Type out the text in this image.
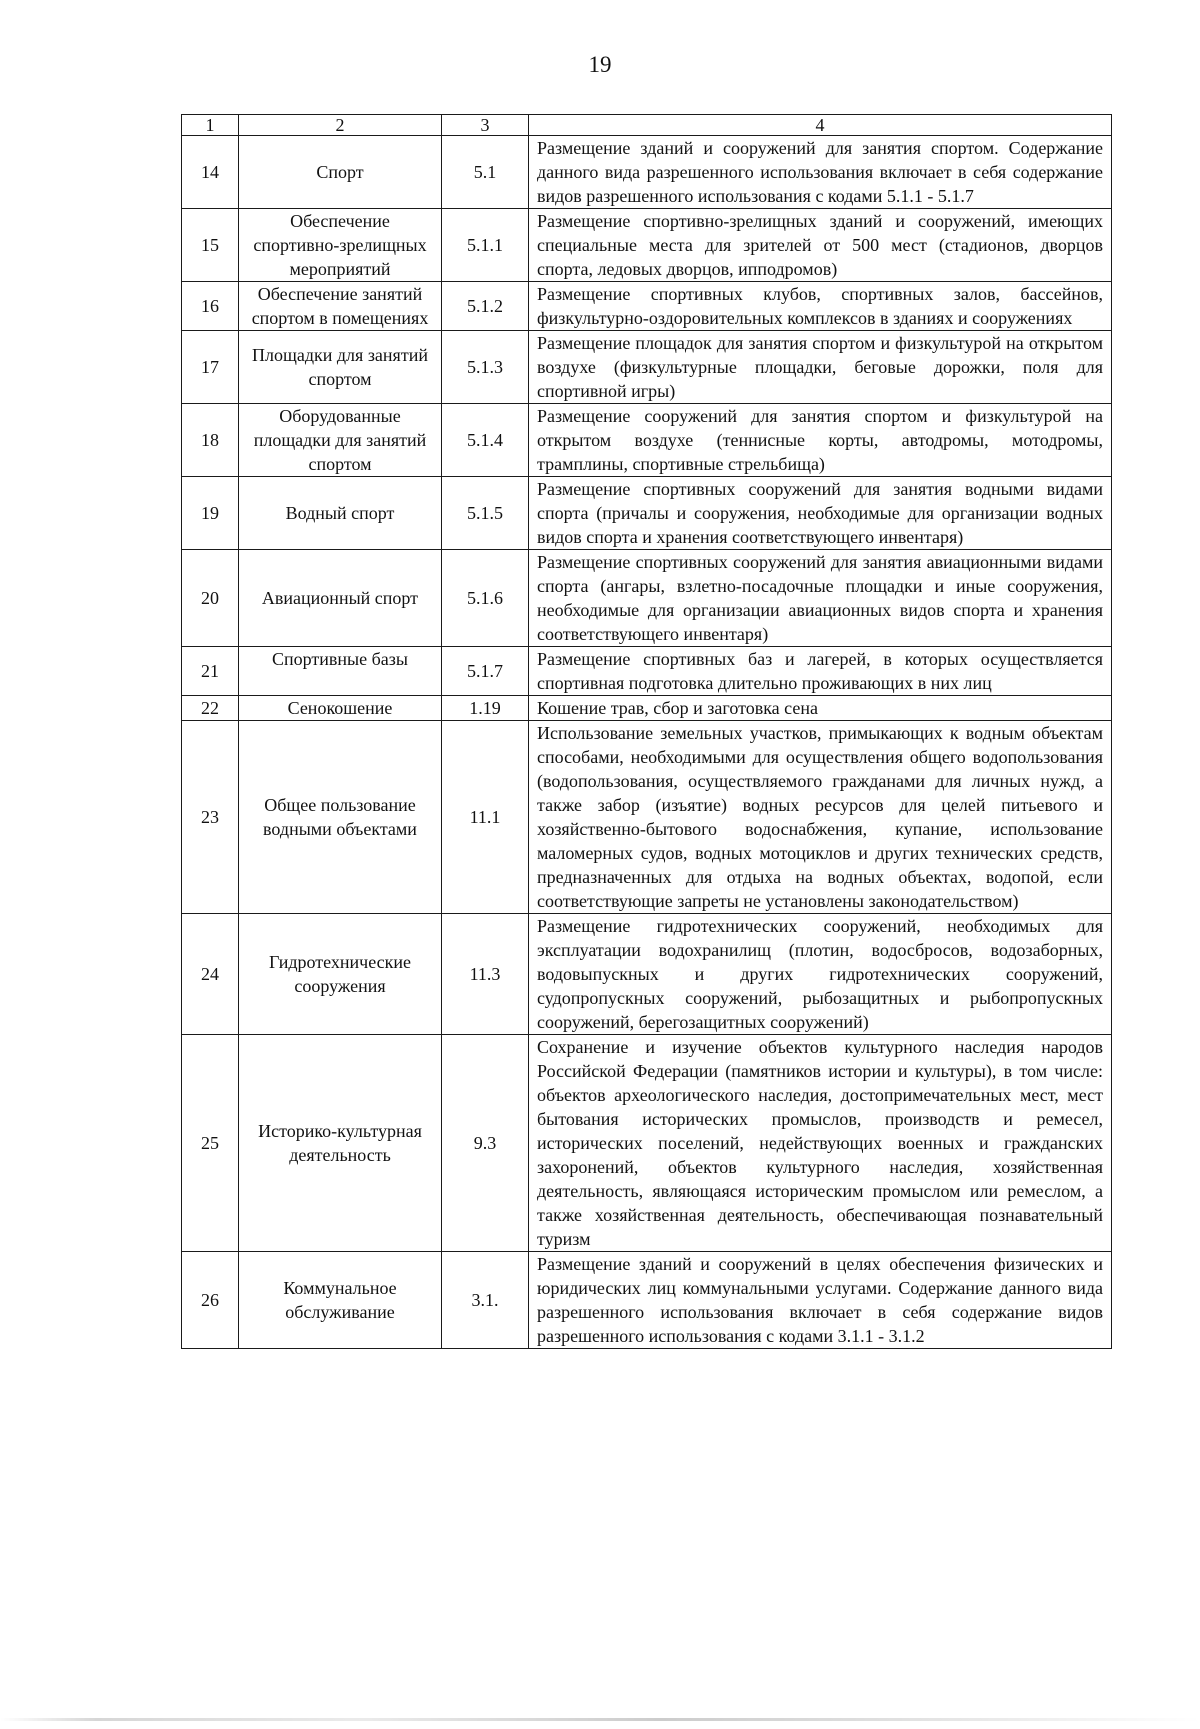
19
1	2	3	4
14	Спорт	5.1	Размещение зданий и сооружений для занятия спортом. Содержание данного вида разрешенного использования включает в себя содержание видов разрешенного использования с кодами 5.1.1 - 5.1.7
15	Обеспечение спортивно-зрелищных мероприятий	5.1.1	Размещение спортивно-зрелищных зданий и сооружений, имеющих специальные места для зрителей от 500 мест (стадионов, дворцов спорта, ледовых дворцов, ипподромов)
16	Обеспечение занятий спортом в помещениях	5.1.2	Размещение спортивных клубов, спортивных залов, бассейнов, физкультурно-оздоровительных комплексов в зданиях и сооружениях
17	Площадки для занятий спортом	5.1.3	Размещение площадок для занятия спортом и физкультурой на открытом воздухе (физкультурные площадки, беговые дорожки, поля для спортивной игры)
18	Оборудованные площадки для занятий спортом	5.1.4	Размещение сооружений для занятия спортом и физкультурой на открытом воздухе (теннисные корты, автодромы, мотодромы, трамплины, спортивные стрельбища)
19	Водный спорт	5.1.5	Размещение спортивных сооружений для занятия водными видами спорта (причалы и сооружения, необходимые для организации водных видов спорта и хранения соответствующего инвентаря)
20	Авиационный спорт	5.1.6	Размещение спортивных сооружений для занятия авиационными видами спорта (ангары, взлетно-посадочные площадки и иные сооружения, необходимые для организации авиационных видов спорта и хранения соответствующего инвентаря)
21	Спортивные базы	5.1.7	Размещение спортивных баз и лагерей, в которых осуществляется спортивная подготовка длительно проживающих в них лиц
22	Сенокошение	1.19	Кошение трав, сбор и заготовка сена
23	Общее пользование водными объектами	11.1	Использование земельных участков, примыкающих к водным объектам способами, необходимыми для осуществления общего водопользования (водопользования, осуществляемого гражданами для личных нужд, а также забор (изъятие) водных ресурсов для целей питьевого и хозяйственно-бытового водоснабжения, купание, использование маломерных судов, водных мотоциклов и других технических средств, предназначенных для отдыха на водных объектах, водопой, если соответствующие запреты не установлены законодательством)
24	Гидротехнические сооружения	11.3	Размещение гидротехнических сооружений, необходимых для эксплуатации водохранилищ (плотин, водосбросов, водозаборных, водовыпускных и других гидротехнических сооружений, судопропускных сооружений, рыбозащитных и рыбопропускных сооружений, берегозащитных сооружений)
25	Историко-культурная деятельность	9.3	Сохранение и изучение объектов культурного наследия народов Российской Федерации (памятников истории и культуры), в том числе: объектов археологического наследия, достопримечательных мест, мест бытования исторических промыслов, производств и ремесел, исторических поселений, недействующих военных и гражданских захоронений, объектов культурного наследия, хозяйственная деятельность, являющаяся историческим промыслом или ремеслом, а также хозяйственная деятельность, обеспечивающая познавательный туризм
26	Коммунальное обслуживание	3.1.	Размещение зданий и сооружений в целях обеспечения физических и юридических лиц коммунальными услугами. Содержание данного вида разрешенного использования включает в себя содержание видов разрешенного использования с кодами 3.1.1 - 3.1.2
